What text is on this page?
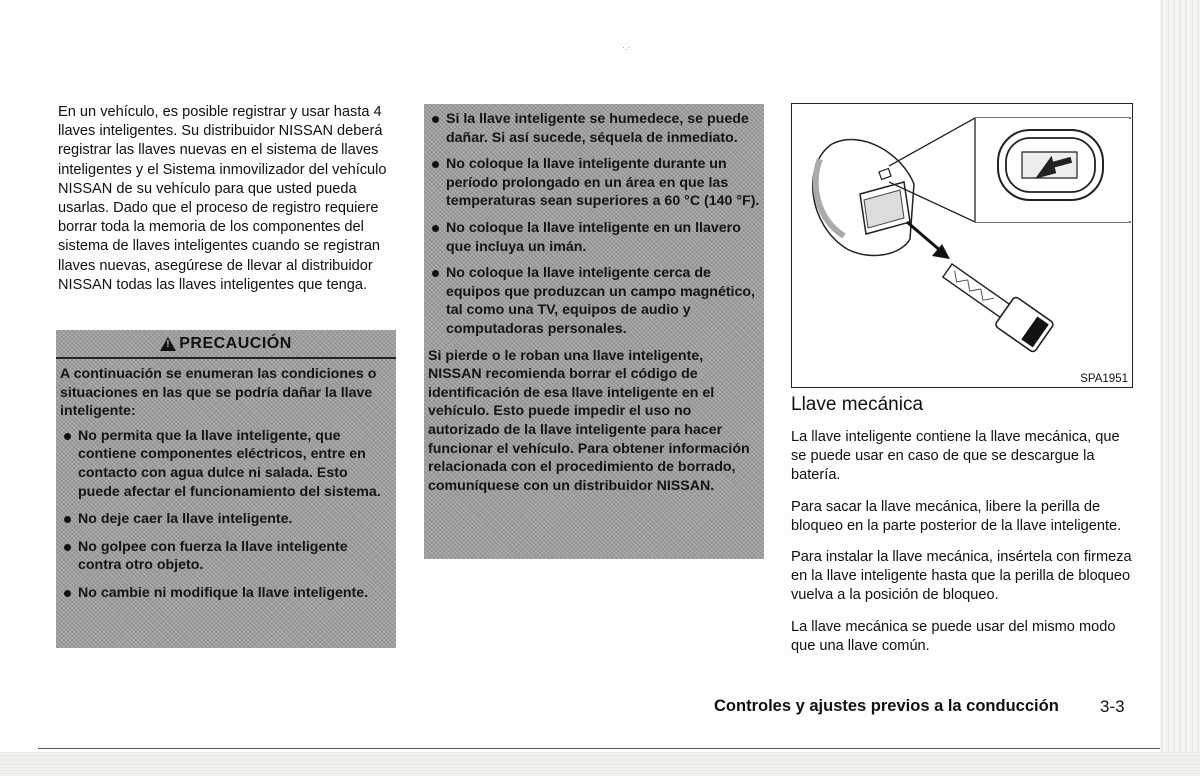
·.·
En un vehículo, es posible registrar y usar hasta 4 llaves inteligentes. Su distribuidor NISSAN deberá registrar las llaves nuevas en el sistema de llaves inteligentes y el Sistema inmovilizador del vehículo NISSAN de su vehículo para que usted pueda usarlas. Dado que el proceso de registro requiere borrar toda la memoria de los componentes del sistema de llaves inteligentes cuando se registran llaves nuevas, asegúrese de llevar al distribuidor NISSAN todas las llaves inteligentes que tenga.
!
PRECAUCIÓN
A continuación se enumeran las condiciones o situaciones en las que se podría dañar la llave inteligente:
No permita que la llave inteligente, que contiene componentes eléctricos, entre en contacto con agua dulce ni salada. Esto puede afectar el funcionamiento del sistema.
No deje caer la llave inteligente.
No golpee con fuerza la llave inteligente contra otro objeto.
No cambie ni modifique la llave inteligente.
Si la llave inteligente se humedece, se puede dañar. Si así sucede, séquela de inmediato.
No coloque la llave inteligente durante un período prolongado en un área en que las temperaturas sean superiores a 60 °C (140 °F).
No coloque la llave inteligente en un llavero que incluya un imán.
No coloque la llave inteligente cerca de equipos que produzcan un campo magnético, tal como una TV, equipos de audio y computadoras personales.
Si pierde o le roban una llave inteligente, NISSAN recomienda borrar el código de identificación de esa llave inteligente en el vehículo. Esto puede impedir el uso no autorizado de la llave inteligente para hacer funcionar el vehículo. Para obtener información relacionada con el procedimiento de borrado, comuníquese con un distribuidor NISSAN.
SPA1951
Llave mecánica

La llave inteligente contiene la llave mecánica, que se puede usar en caso de que se descargue la batería.

Para sacar la llave mecánica, libere la perilla de bloqueo en la parte posterior de la llave inteligente.

Para instalar la llave mecánica, insértela con firmeza en la llave inteligente hasta que la perilla de bloqueo vuelva a la posición de bloqueo.

La llave mecánica se puede usar del mismo modo que una llave común.

Controles y ajustes previos a la conducción 3-3
